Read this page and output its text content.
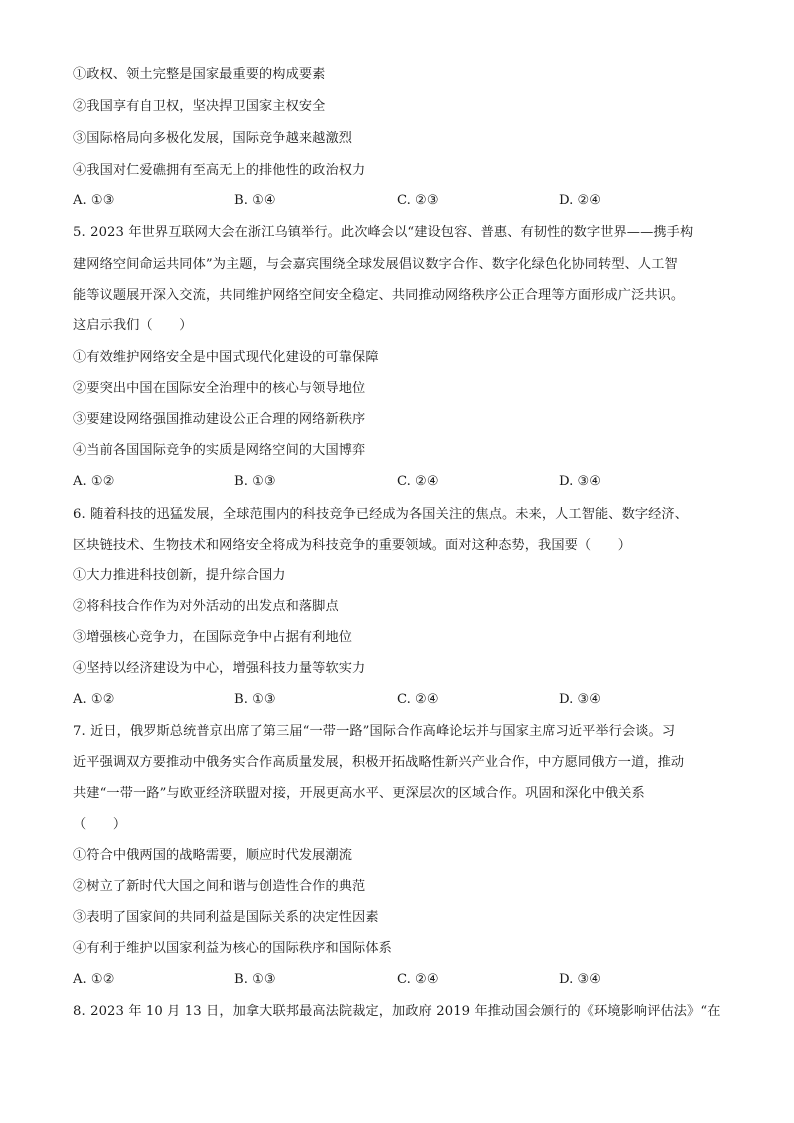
①政权、领土完整是国家最重要的构成要素
②我国享有自卫权，坚决捍卫国家主权安全
③国际格局向多极化发展，国际竞争越来越激烈
④我国对仁爱礁拥有至高无上的排他性的政治权力
A. ①③	B. ①④	C. ②③	D. ②④
5. 2023 年世界互联网大会在浙江乌镇举行。此次峰会以“建设包容、普惠、有韧性的数字世界——携手构
建网络空间命运共同体”为主题，与会嘉宾围绕全球发展倡议数字合作、数字化绿色化协同转型、人工智
能等议题展开深入交流，共同维护网络空间安全稳定、共同推动网络秩序公正合理等方面形成广泛共识。
这启示我们（　　）
①有效维护网络安全是中国式现代化建设的可靠保障
②要突出中国在国际安全治理中的核心与领导地位
③要建设网络强国推动建设公正合理的网络新秩序
④当前各国国际竞争的实质是网络空间的大国博弈
A. ①②	B. ①③	C. ②④	D. ③④
6. 随着科技的迅猛发展，全球范围内的科技竞争已经成为各国关注的焦点。未来，人工智能、数字经济、
区块链技术、生物技术和网络安全将成为科技竞争的重要领域。面对这种态势，我国要（　　）
①大力推进科技创新，提升综合国力
②将科技合作作为对外活动的出发点和落脚点
③增强核心竞争力，在国际竞争中占据有利地位
④坚持以经济建设为中心，增强科技力量等软实力
A. ①②	B. ①③	C. ②④	D. ③④
7. 近日，俄罗斯总统普京出席了第三届“一带一路”国际合作高峰论坛并与国家主席习近平举行会谈。习
近平强调双方要推动中俄务实合作高质量发展，积极开拓战略性新兴产业合作，中方愿同俄方一道，推动
共建“一带一路”与欧亚经济联盟对接，开展更高水平、更深层次的区域合作。巩固和深化中俄关系
（　　）
①符合中俄两国的战略需要，顺应时代发展潮流
②树立了新时代大国之间和谐与创造性合作的典范
③表明了国家间的共同利益是国际关系的决定性因素
④有利于维护以国家利益为核心的国际秩序和国际体系
A. ①②	B. ①③	C. ②④	D. ③④
8. 2023 年 10 月 13 日，加拿大联邦最高法院裁定，加政府 2019 年推动国会颁行的《环境影响评估法》“在
